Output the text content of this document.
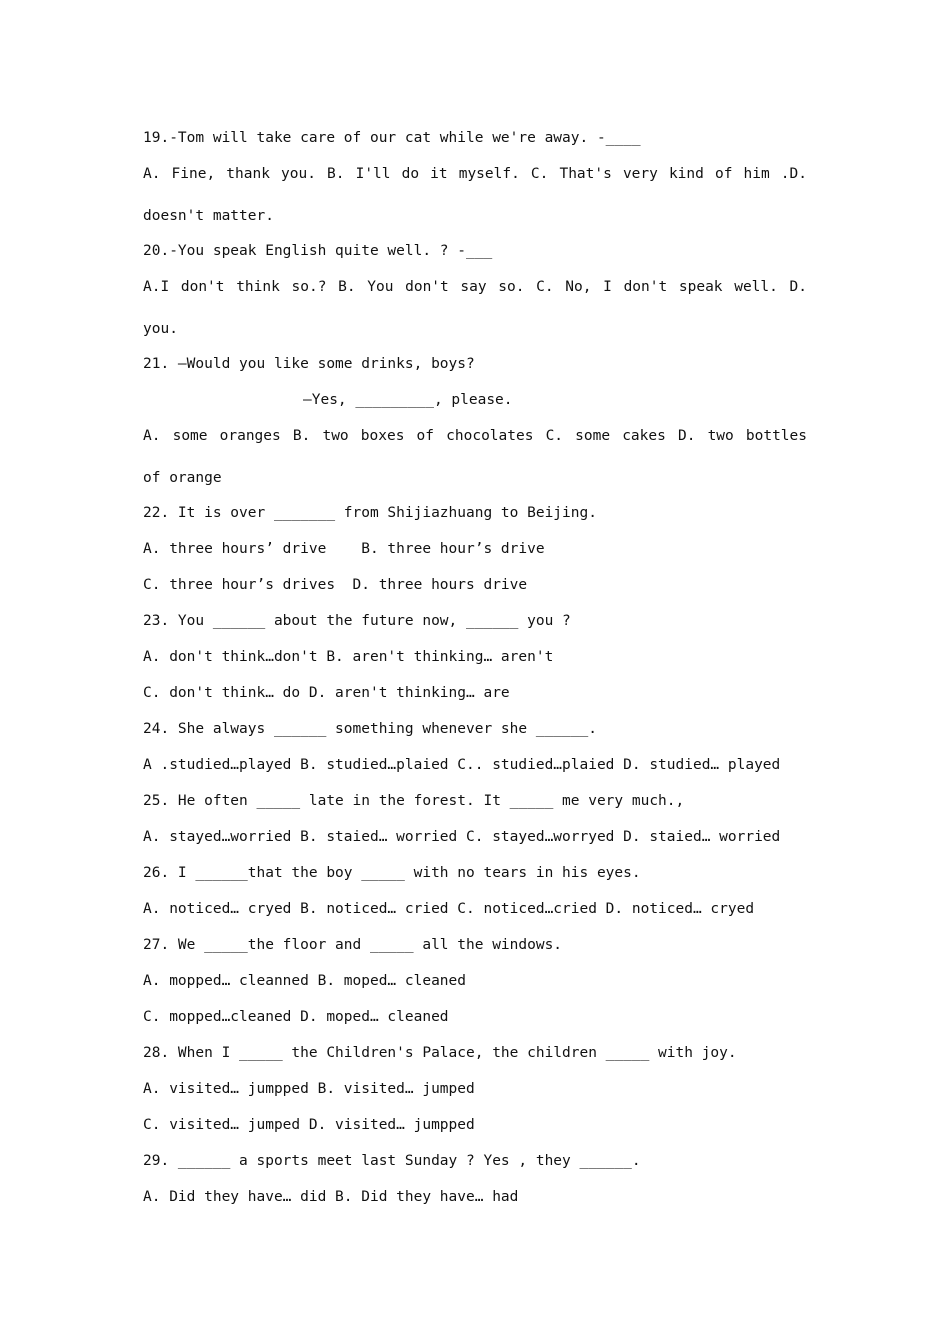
19.-Tom will take care of our cat while we're away. -____
A. Fine, thank you. B. I'll do it myself. C. That's very kind of him .D.
doesn't matter.
20.-You speak English quite well. ? -___
A.I don't think so.? B. You don't say so. C. No, I don't speak well. D.
you.
21. —Would you like some drinks, boys?
—Yes, _________, please.
A. some oranges B. two boxes of chocolates C. some cakes D. two bottles
of orange
22. It is over _______ from Shijiazhuang to Beijing.
A. three hours’ drive    B. three hour’s drive
C. three hour’s drives  D. three hours drive
23. You ______ about the future now, ______ you ?
A. don't think…don't B. aren't thinking… aren't
C. don't think… do D. aren't thinking… are
24. She always ______ something whenever she ______.
A .studied…played B. studied…plaied C.. studied…plaied D. studied… played
25. He often _____ late in the forest. It _____ me very much.,
A. stayed…worried B. staied… worried C. stayed…worryed D. staied… worried
26. I ______that the boy _____ with no tears in his eyes.
A. noticed… cryed B. noticed… cried C. noticed…cried D. noticed… cryed
27. We _____the floor and _____ all the windows.
A. mopped… cleanned B. moped… cleaned
C. mopped…cleaned D. moped… cleaned
28. When I _____ the Children's Palace, the children _____ with joy.
A. visited… jumpped B. visited… jumped
C. visited… jumped D. visited… jumpped
29. ______ a sports meet last Sunday ? Yes , they ______.
A. Did they have… did B. Did they have… had
